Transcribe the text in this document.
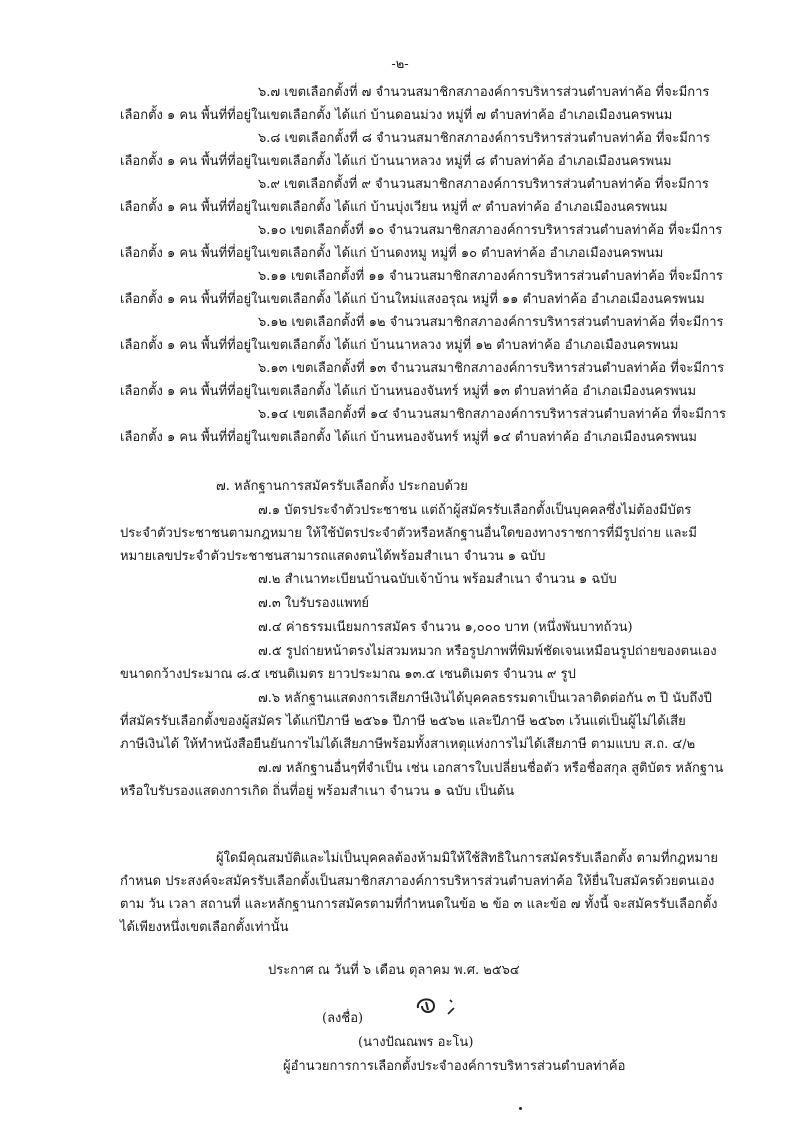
-๒-
๖.๗ เขตเลือกตั้งที่ ๗ จำนวนสมาชิกสภาองค์การบริหารส่วนตำบลท่าค้อ ที่จะมีการ
เลือกตั้ง ๑ คน พื้นที่ที่อยู่ในเขตเลือกตั้ง ได้แก่ บ้านดอนม่วง หมู่ที่ ๗ ตำบลท่าค้อ อำเภอเมืองนครพนม
๖.๘ เขตเลือกตั้งที่ ๘ จำนวนสมาชิกสภาองค์การบริหารส่วนตำบลท่าค้อ ที่จะมีการ
เลือกตั้ง ๑ คน พื้นที่ที่อยู่ในเขตเลือกตั้ง ได้แก่ บ้านนาหลวง หมู่ที่ ๘ ตำบลท่าค้อ อำเภอเมืองนครพนม
๖.๙ เขตเลือกตั้งที่ ๙ จำนวนสมาชิกสภาองค์การบริหารส่วนตำบลท่าค้อ ที่จะมีการ
เลือกตั้ง ๑ คน พื้นที่ที่อยู่ในเขตเลือกตั้ง ได้แก่ บ้านบุ่งเวียน หมู่ที่ ๙ ตำบลท่าค้อ อำเภอเมืองนครพนม
๖.๑๐ เขตเลือกตั้งที่ ๑๐ จำนวนสมาชิกสภาองค์การบริหารส่วนตำบลท่าค้อ ที่จะมีการ
เลือกตั้ง ๑ คน พื้นที่ที่อยู่ในเขตเลือกตั้ง ได้แก่ บ้านดงหมู หมู่ที่ ๑๐ ตำบลท่าค้อ อำเภอเมืองนครพนม
๖.๑๑ เขตเลือกตั้งที่ ๑๑ จำนวนสมาชิกสภาองค์การบริหารส่วนตำบลท่าค้อ ที่จะมีการ
เลือกตั้ง ๑ คน พื้นที่ที่อยู่ในเขตเลือกตั้ง ได้แก่ บ้านใหม่แสงอรุณ หมู่ที่ ๑๑ ตำบลท่าค้อ อำเภอเมืองนครพนม
๖.๑๒ เขตเลือกตั้งที่ ๑๒ จำนวนสมาชิกสภาองค์การบริหารส่วนตำบลท่าค้อ ที่จะมีการ
เลือกตั้ง ๑ คน พื้นที่ที่อยู่ในเขตเลือกตั้ง ได้แก่ บ้านนาหลวง หมู่ที่ ๑๒ ตำบลท่าค้อ อำเภอเมืองนครพนม
๖.๑๓ เขตเลือกตั้งที่ ๑๓ จำนวนสมาชิกสภาองค์การบริหารส่วนตำบลท่าค้อ ที่จะมีการ
เลือกตั้ง ๑ คน พื้นที่ที่อยู่ในเขตเลือกตั้ง ได้แก่ บ้านหนองจันทร์ หมู่ที่ ๑๓ ตำบลท่าค้อ อำเภอเมืองนครพนม
๖.๑๔ เขตเลือกตั้งที่ ๑๔ จำนวนสมาชิกสภาองค์การบริหารส่วนตำบลท่าค้อ ที่จะมีการ
เลือกตั้ง ๑ คน พื้นที่ที่อยู่ในเขตเลือกตั้ง ได้แก่ บ้านหนองจันทร์ หมู่ที่ ๑๔ ตำบลท่าค้อ อำเภอเมืองนครพนม
๗. หลักฐานการสมัครรับเลือกตั้ง ประกอบด้วย
๗.๑ บัตรประจำตัวประชาชน แต่ถ้าผู้สมัครรับเลือกตั้งเป็นบุคคลซึ่งไม่ต้องมีบัตร
ประจำตัวประชาชนตามกฎหมาย ให้ใช้บัตรประจำตัวหรือหลักฐานอื่นใดของทางราชการที่มีรูปถ่าย และมี
หมายเลขประจำตัวประชาชนสามารถแสดงตนได้พร้อมสำเนา จำนวน ๑ ฉบับ
๗.๒ สำเนาทะเบียนบ้านฉบับเจ้าบ้าน พร้อมสำเนา จำนวน ๑ ฉบับ
๗.๓ ใบรับรองแพทย์
๗.๔ ค่าธรรมเนียมการสมัคร จำนวน ๑,๐๐๐ บาท (หนึ่งพันบาทถ้วน)
๗.๕ รูปถ่ายหน้าตรงไม่สวมหมวก หรือรูปภาพที่พิมพ์ชัดเจนเหมือนรูปถ่ายของตนเอง
ขนาดกว้างประมาณ ๘.๕ เซนติเมตร ยาวประมาณ ๑๓.๕ เซนติเมตร จำนวน ๙ รูป
๗.๖ หลักฐานแสดงการเสียภาษีเงินได้บุคคลธรรมดาเป็นเวลาติดต่อกัน ๓ ปี นับถึงปี
ที่สมัครรับเลือกตั้งของผู้สมัคร ได้แก่ปีภาษี ๒๕๖๑ ปีภาษี ๒๕๖๒ และปีภาษี ๒๕๖๓ เว้นแต่เป็นผู้ไม่ได้เสีย
ภาษีเงินได้ ให้ทำหนังสือยืนยันการไม่ได้เสียภาษีพร้อมทั้งสาเหตุแห่งการไม่ได้เสียภาษี ตามแบบ ส.ถ. ๔/๒
๗.๗ หลักฐานอื่นๆที่จำเป็น เช่น เอกสารใบเปลี่ยนชื่อตัว หรือชื่อสกุล สูติบัตร หลักฐาน
หรือใบรับรองแสดงการเกิด ถิ่นที่อยู่ พร้อมสำเนา จำนวน ๑ ฉบับ เป็นต้น
ผู้ใดมีคุณสมบัติและไม่เป็นบุคคลต้องห้ามมิให้ใช้สิทธิในการสมัครรับเลือกตั้ง ตามที่กฎหมาย
กำหนด ประสงค์จะสมัครรับเลือกตั้งเป็นสมาชิกสภาองค์การบริหารส่วนตำบลท่าค้อ ให้ยื่นใบสมัครด้วยตนเอง
ตาม วัน เวลา สถานที่ และหลักฐานการสมัครตามที่กำหนดในข้อ ๒ ข้อ ๓ และข้อ ๗ ทั้งนี้ จะสมัครรับเลือกตั้ง
ได้เพียงหนึ่งเขตเลือกตั้งเท่านั้น
ประกาศ ณ วันที่ ๖ เดือน ตุลาคม พ.ศ. ๒๕๖๔
(ลงชื่อ)
(นางปัณณพร อะโน)
ผู้อำนวยการการเลือกตั้งประจำองค์การบริหารส่วนตำบลท่าค้อ
